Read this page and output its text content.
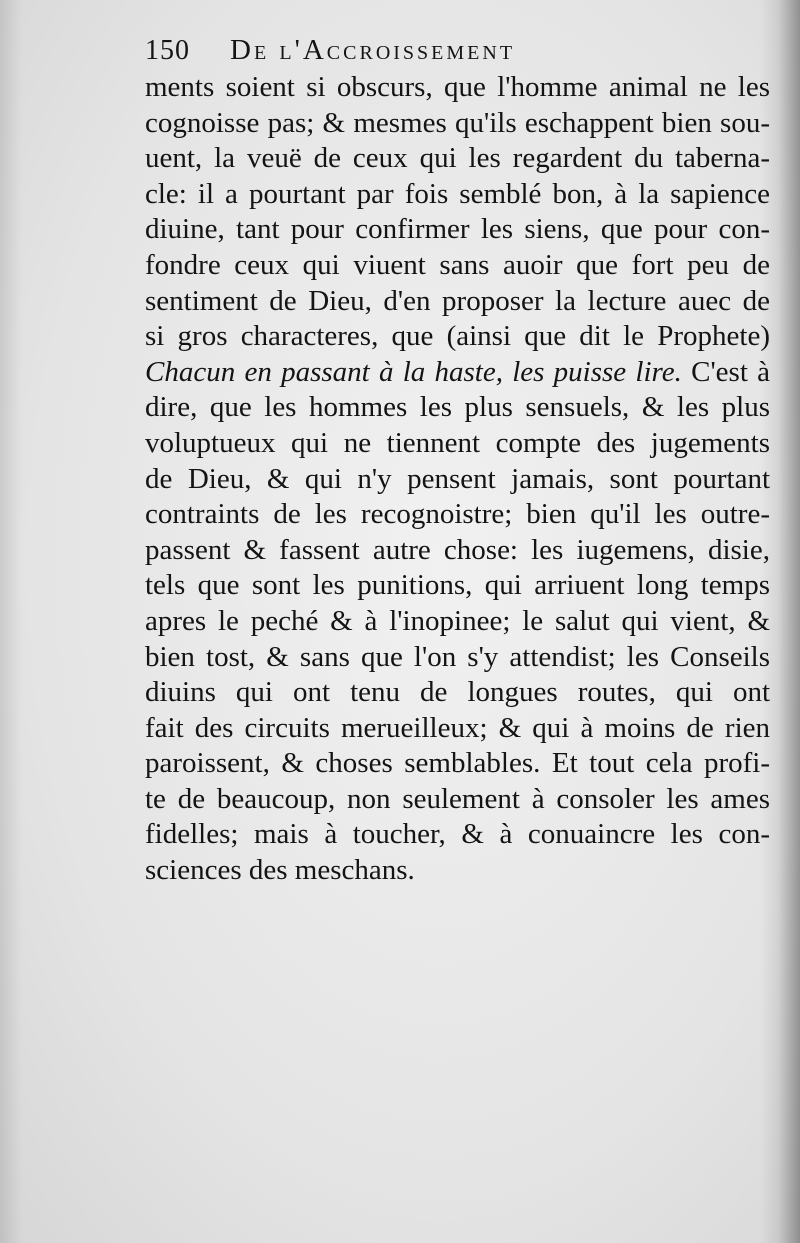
150 De l'Accroissement
ments soient si obscurs, que l'homme animal ne les
cognoisse pas; & mesmes qu'ils eschappent bien sou-
uent, la veuë de ceux qui les regardent du taberna-
cle: il a pourtant par fois semblé bon, à la sapience
diuine, tant pour confirmer les siens, que pour con-
fondre ceux qui viuent sans auoir que fort peu de
sentiment de Dieu, d'en proposer la lecture auec de
si gros characteres, que (ainsi que dit le Prophete)
Chacun en passant à la haste, les puisse lire. C'est à
dire, que les hommes les plus sensuels, & les plus
voluptueux qui ne tiennent compte des jugements
de Dieu, & qui n'y pensent jamais, sont pourtant
contraints de les recognoistre; bien qu'il les outre-
passent & fassent autre chose: les iugemens, disie,
tels que sont les punitions, qui arriuent long temps
apres le peché & à l'inopinee; le salut qui vient, &
bien tost, & sans que l'on s'y attendist; les Conseils
diuins qui ont tenu de longues routes, qui ont
fait des circuits merueilleux; & qui à moins de rien
paroissent, & choses semblables. Et tout cela profi-
te de beaucoup, non seulement à consoler les ames
fidelles; mais à toucher, & à conuaincre les con-
sciences des meschans.
